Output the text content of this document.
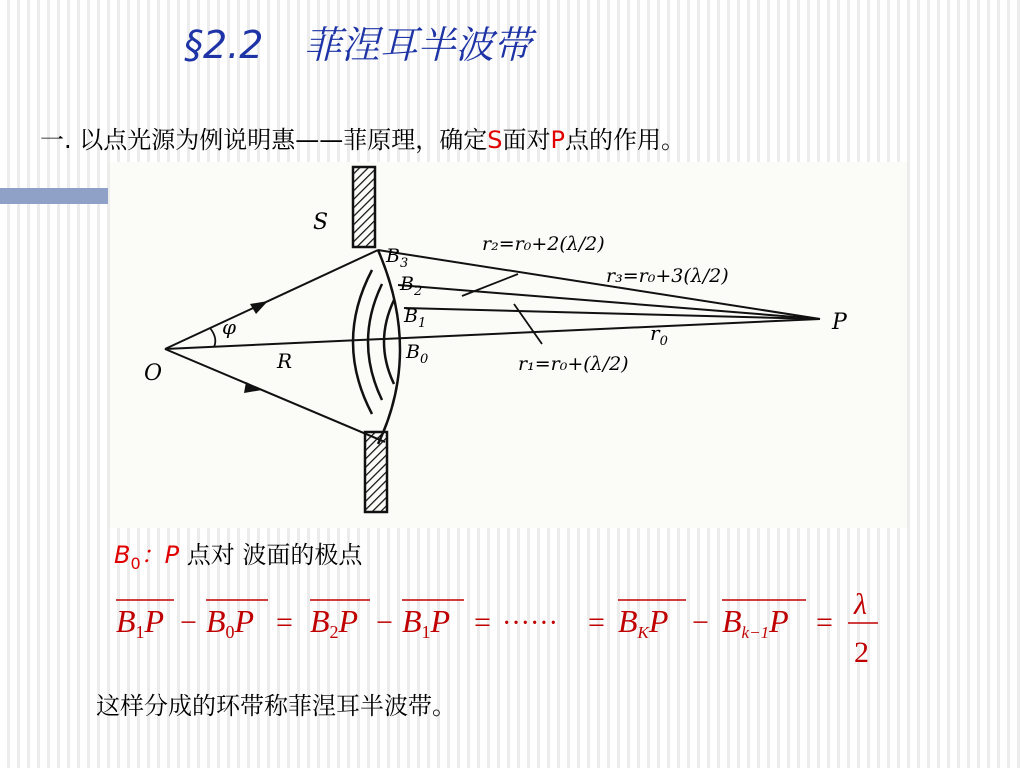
§2.2 菲涅耳半波带
一. 以点光源为例说明惠——菲原理，确定S面对P点的作用。
S
O
P
R
φ	$r_0$
$B_3$
$B_2$
$B_1$
$B_0$
r₂=r₀+2(λ/2)
r₃=r₀+3(λ/2)
r₁=r₀+(λ/2)
$B_0$：P 点对 波面的极点
B1P − B0P = B2P − B1P = ······ = BKP − Bk−1P =
λ
2
这样分成的环带称菲涅耳半波带。
